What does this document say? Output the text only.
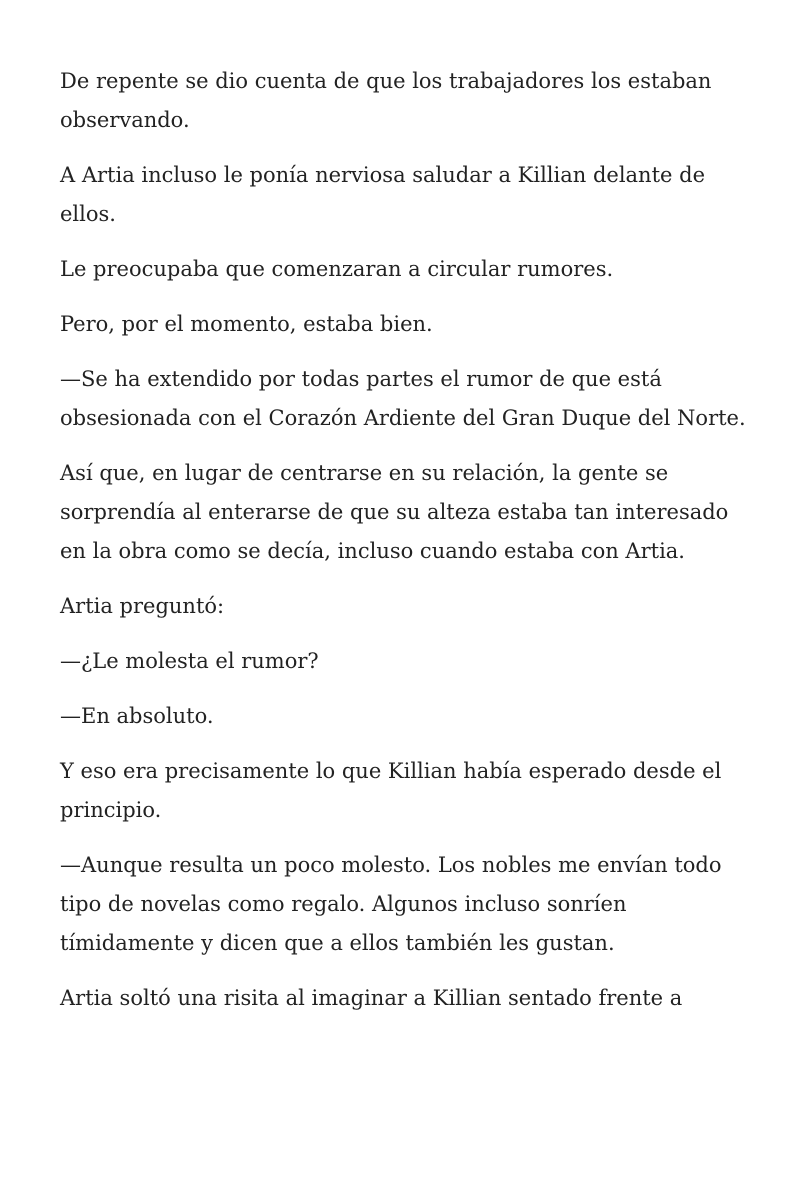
De repente se dio cuenta de que los trabajadores los estaban observando.

A Artia incluso le ponía nerviosa saludar a Killian delante de ellos.

Le preocupaba que comenzaran a circular rumores.

Pero, por el momento, estaba bien.

—Se ha extendido por todas partes el rumor de que está obsesionada con el Corazón Ardiente del Gran Duque del Norte.

Así que, en lugar de centrarse en su relación, la gente se sorprendía al enterarse de que su alteza estaba tan interesado en la obra como se decía, incluso cuando estaba con Artia.

Artia preguntó:

—¿Le molesta el rumor?

—En absoluto.

Y eso era precisamente lo que Killian había esperado desde el principio.

—Aunque resulta un poco molesto. Los nobles me envían todo tipo de novelas como regalo. Algunos incluso sonríen tímidamente y dicen que a ellos también les gustan.

Artia soltó una risita al imaginar a Killian sentado frente a
